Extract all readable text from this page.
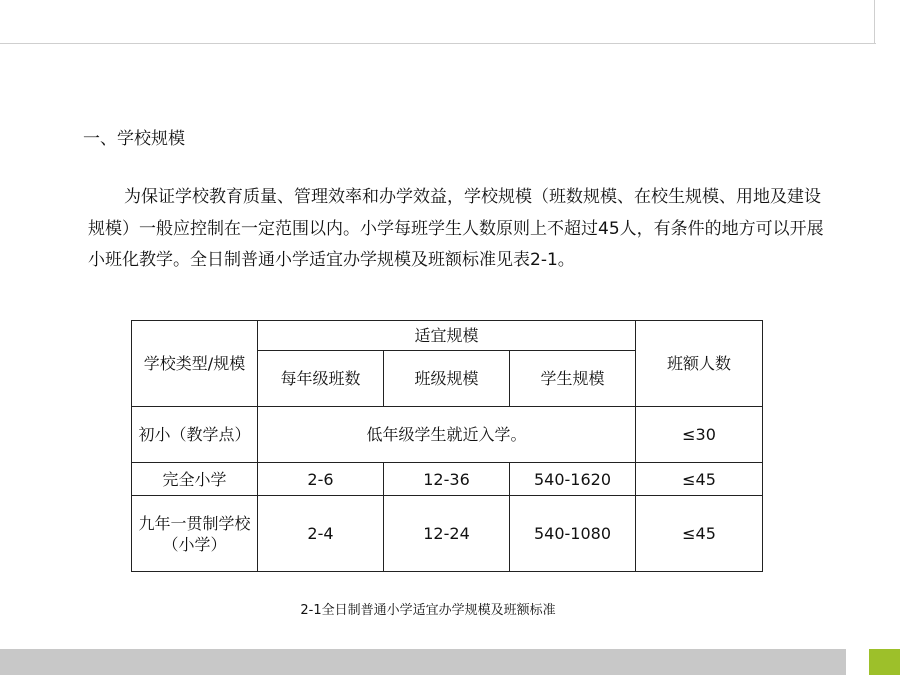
一、学校规模
为保证学校教育质量、管理效率和办学效益，学校规模（班数规模、在校生规模、用地及建设
规模）一般应控制在一定范围以内。小学每班学生人数原则上不超过45人，有条件的地方可以开展
小班化教学。全日制普通小学适宜办学规模及班额标准见表2-1。
学校类型/规模	适宜规模			班额人数
	每年级班数	班级规模	学生规模	
初小（教学点）	低年级学生就近入学。			≤30
完全小学	2-6	12-36	540-1620	≤45
九年一贯制学校（小学）	2-4	12-24	540-1080	≤45
2-1全日制普通小学适宜办学规模及班额标准
